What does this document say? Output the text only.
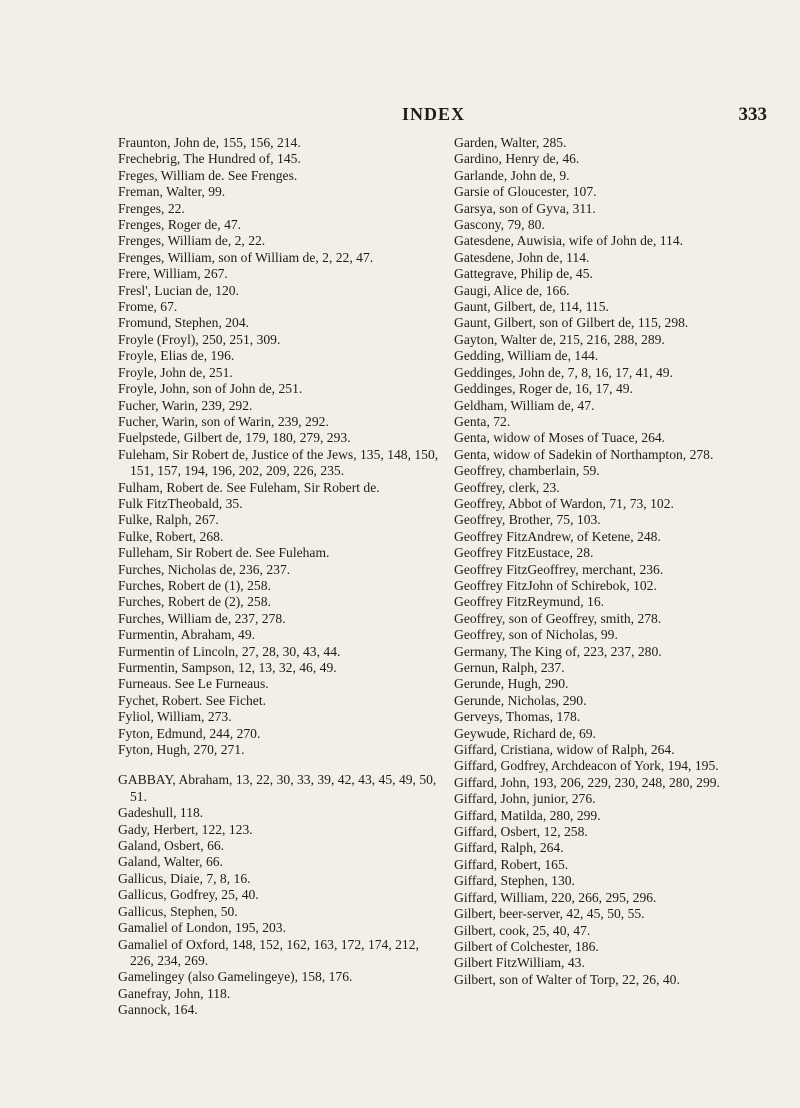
INDEX	333
Fraunton, John de, 155, 156, 214.
Frechebrig, The Hundred of, 145.
Freges, William de. See Frenges.
Freman, Walter, 99.
Frenges, 22.
Frenges, Roger de, 47.
Frenges, William de, 2, 22.
Frenges, William, son of William de, 2, 22, 47.
Frere, William, 267.
Fresl', Lucian de, 120.
Frome, 67.
Fromund, Stephen, 204.
Froyle (Froyl), 250, 251, 309.
Froyle, Elias de, 196.
Froyle, John de, 251.
Froyle, John, son of John de, 251.
Fucher, Warin, 239, 292.
Fucher, Warin, son of Warin, 239, 292.
Fuelpstede, Gilbert de, 179, 180, 279, 293.
Fuleham, Sir Robert de, Justice of the Jews, 135, 148, 150, 151, 157, 194, 196, 202, 209, 226, 235.
Fulham, Robert de. See Fuleham, Sir Robert de.
Fulk FitzTheobald, 35.
Fulke, Ralph, 267.
Fulke, Robert, 268.
Fulleham, Sir Robert de. See Fuleham.
Furches, Nicholas de, 236, 237.
Furches, Robert de (1), 258.
Furches, Robert de (2), 258.
Furches, William de, 237, 278.
Furmentin, Abraham, 49.
Furmentin of Lincoln, 27, 28, 30, 43, 44.
Furmentin, Sampson, 12, 13, 32, 46, 49.
Furneaus. See Le Furneaus.
Fychet, Robert. See Fichet.
Fyliol, William, 273.
Fyton, Edmund, 244, 270.
Fyton, Hugh, 270, 271.
GABBAY, Abraham, 13, 22, 30, 33, 39, 42, 43, 45, 49, 50, 51.
Gadeshull, 118.
Gady, Herbert, 122, 123.
Galand, Osbert, 66.
Galand, Walter, 66.
Gallicus, Diaie, 7, 8, 16.
Gallicus, Godfrey, 25, 40.
Gallicus, Stephen, 50.
Gamaliel of London, 195, 203.
Gamaliel of Oxford, 148, 152, 162, 163, 172, 174, 212, 226, 234, 269.
Gamelingey (also Gamelingeye), 158, 176.
Ganefray, John, 118.
Gannock, 164.
Garden, Walter, 285.
Gardino, Henry de, 46.
Garlande, John de, 9.
Garsie of Gloucester, 107.
Garsya, son of Gyva, 311.
Gascony, 79, 80.
Gatesdene, Auwisia, wife of John de, 114.
Gatesdene, John de, 114.
Gattegrave, Philip de, 45.
Gaugi, Alice de, 166.
Gaunt, Gilbert, de, 114, 115.
Gaunt, Gilbert, son of Gilbert de, 115, 298.
Gayton, Walter de, 215, 216, 288, 289.
Gedding, William de, 144.
Geddinges, John de, 7, 8, 16, 17, 41, 49.
Geddinges, Roger de, 16, 17, 49.
Geldham, William de, 47.
Genta, 72.
Genta, widow of Moses of Tuace, 264.
Genta, widow of Sadekin of Northampton, 278.
Geoffrey, chamberlain, 59.
Geoffrey, clerk, 23.
Geoffrey, Abbot of Wardon, 71, 73, 102.
Geoffrey, Brother, 75, 103.
Geoffrey FitzAndrew, of Ketene, 248.
Geoffrey FitzEustace, 28.
Geoffrey FitzGeoffrey, merchant, 236.
Geoffrey FitzJohn of Schirebok, 102.
Geoffrey FitzReymund, 16.
Geoffrey, son of Geoffrey, smith, 278.
Geoffrey, son of Nicholas, 99.
Germany, The King of, 223, 237, 280.
Gernun, Ralph, 237.
Gerunde, Hugh, 290.
Gerunde, Nicholas, 290.
Gerveys, Thomas, 178.
Geywude, Richard de, 69.
Giffard, Cristiana, widow of Ralph, 264.
Giffard, Godfrey, Archdeacon of York, 194, 195.
Giffard, John, 193, 206, 229, 230, 248, 280, 299.
Giffard, John, junior, 276.
Giffard, Matilda, 280, 299.
Giffard, Osbert, 12, 258.
Giffard, Ralph, 264.
Giffard, Robert, 165.
Giffard, Stephen, 130.
Giffard, William, 220, 266, 295, 296.
Gilbert, beer-server, 42, 45, 50, 55.
Gilbert, cook, 25, 40, 47.
Gilbert of Colchester, 186.
Gilbert FitzWilliam, 43.
Gilbert, son of Walter of Torp, 22, 26, 40.
